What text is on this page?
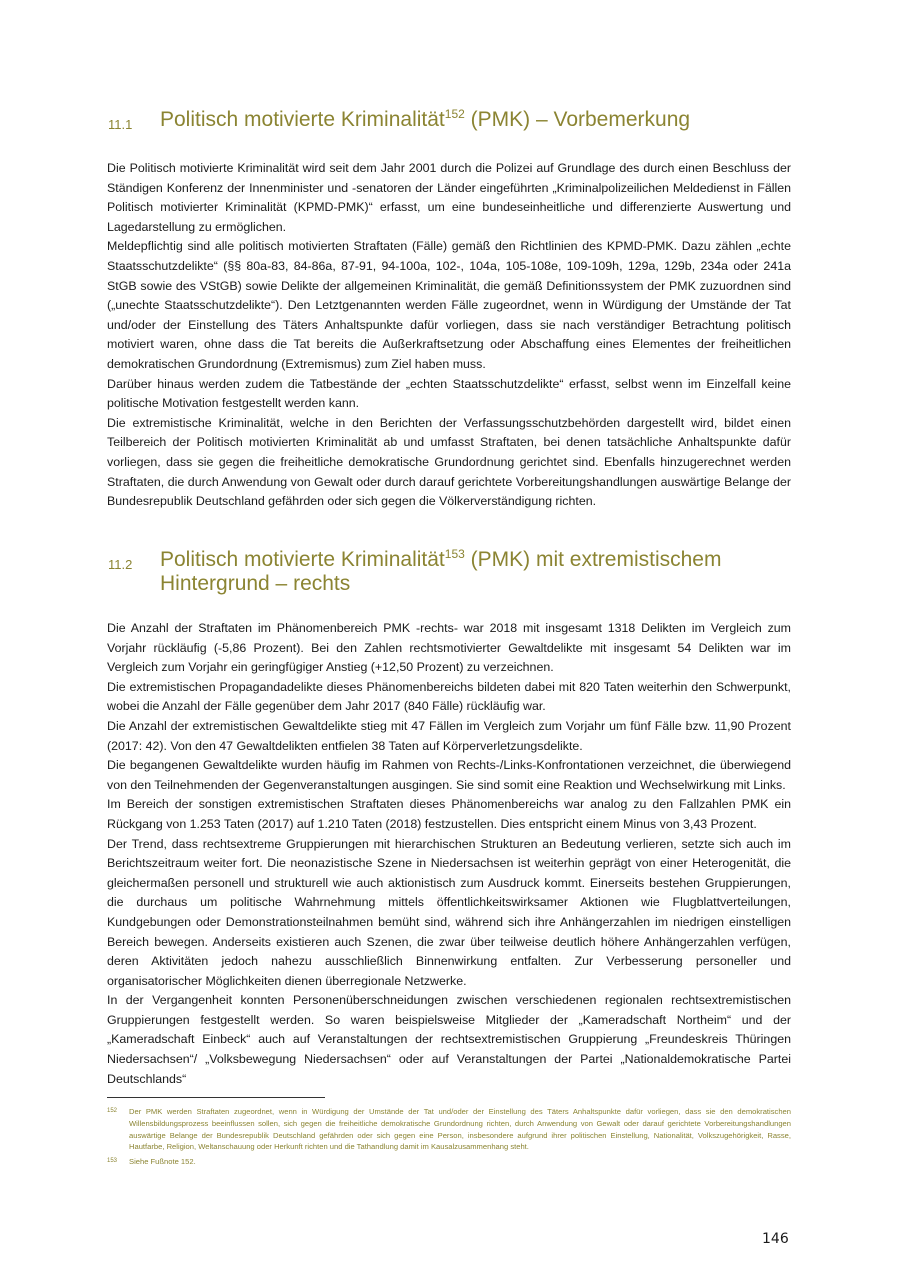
11.1	Politisch motivierte Kriminalität$^{152}$ (PMK) – Vorbemerkung

Die Politisch motivierte Kriminalität wird seit dem Jahr 2001 durch die Polizei auf Grundlage des durch einen Beschluss der Ständigen Konferenz der Innenminister und -senatoren der Länder eingeführten „Kriminalpolizeilichen Meldedienst in Fällen Politisch motivierter Kriminalität (KPMD-PMK)“ erfasst, um eine bundeseinheitliche und differenzierte Auswertung und Lagedarstellung zu ermöglichen.

Meldepflichtig sind alle politisch motivierten Straftaten (Fälle) gemäß den Richtlinien des KPMD-PMK. Dazu zählen „echte Staatsschutzdelikte“ (§§ 80a-83, 84-86a, 87-91, 94-100a, 102-, 104a, 105-108e, 109-109h, 129a, 129b, 234a oder 241a StGB sowie des VStGB) sowie Delikte der allgemeinen Kriminalität, die gemäß Definitionssystem der PMK zuzuordnen sind („unechte Staatsschutzdelikte“). Den Letztgenannten werden Fälle zugeordnet, wenn in Würdigung der Umstände der Tat und/oder der Einstellung des Täters Anhaltspunkte dafür vorliegen, dass sie nach verständiger Betrachtung politisch motiviert waren, ohne dass die Tat bereits die Außerkraftsetzung oder Abschaffung eines Elementes der freiheitlichen demokratischen Grundordnung (Extremismus) zum Ziel haben muss.

Darüber hinaus werden zudem die Tatbestände der „echten Staatsschutzdelikte“ erfasst, selbst wenn im Einzelfall keine politische Motivation festgestellt werden kann.

Die extremistische Kriminalität, welche in den Berichten der Verfassungsschutzbehörden dargestellt wird, bildet einen Teilbereich der Politisch motivierten Kriminalität ab und umfasst Straftaten, bei denen tatsächliche Anhaltspunkte dafür vorliegen, dass sie gegen die freiheitliche demokratische Grundordnung gerichtet sind. Ebenfalls hinzugerechnet werden Straftaten, die durch Anwendung von Gewalt oder durch darauf gerichtete Vorbereitungshandlungen auswärtige Belange der Bundesrepublik Deutschland gefährden oder sich gegen die Völkerverständigung richten.

11.2	Politisch motivierte Kriminalität$^{153}$ (PMK) mit extremistischem Hintergrund – rechts

Die Anzahl der Straftaten im Phänomenbereich PMK -rechts- war 2018 mit insgesamt 1318 Delikten im Vergleich zum Vorjahr rückläufig (-5,86 Prozent). Bei den Zahlen rechtsmotivierter Gewaltdelikte mit insgesamt 54 Delikten war im Vergleich zum Vorjahr ein geringfügiger Anstieg (+12,50 Prozent) zu verzeichnen.

Die extremistischen Propagandadelikte dieses Phänomenbereichs bildeten dabei mit 820 Taten weiterhin den Schwerpunkt, wobei die Anzahl der Fälle gegenüber dem Jahr 2017 (840 Fälle) rückläufig war.

Die Anzahl der extremistischen Gewaltdelikte stieg mit 47 Fällen im Vergleich zum Vorjahr um fünf Fälle bzw. 11,90 Prozent (2017: 42). Von den 47 Gewaltdelikten entfielen 38 Taten auf Körperverletzungsdelikte.

Die begangenen Gewaltdelikte wurden häufig im Rahmen von Rechts-/Links-Konfrontationen verzeichnet, die überwiegend von den Teilnehmenden der Gegenveranstaltungen ausgingen. Sie sind somit eine Reaktion und Wechselwirkung mit Links.

Im Bereich der sonstigen extremistischen Straftaten dieses Phänomenbereichs war analog zu den Fallzahlen PMK ein Rückgang von 1.253 Taten (2017) auf 1.210 Taten (2018) festzustellen. Dies entspricht einem Minus von 3,43 Prozent.

Der Trend, dass rechtsextreme Gruppierungen mit hierarchischen Strukturen an Bedeutung verlieren, setzte sich auch im Berichtszeitraum weiter fort. Die neonazistische Szene in Niedersachsen ist weiterhin geprägt von einer Heterogenität, die gleichermaßen personell und strukturell wie auch aktionistisch zum Ausdruck kommt. Einerseits bestehen Gruppierungen, die durchaus um politische Wahrnehmung mittels öffentlichkeitswirksamer Aktionen wie Flugblattverteilungen, Kundgebungen oder Demonstrationsteilnahmen bemüht sind, während sich ihre Anhängerzahlen im niedrigen einstelligen Bereich bewegen. Anderseits existieren auch Szenen, die zwar über teilweise deutlich höhere Anhängerzahlen verfügen, deren Aktivitäten jedoch nahezu ausschließlich Binnenwirkung entfalten. Zur Verbesserung personeller und organisatorischer Möglichkeiten dienen überregionale Netzwerke.

In der Vergangenheit konnten Personenüberschneidungen zwischen verschiedenen regionalen rechtsextremistischen Gruppierungen festgestellt werden. So waren beispielsweise Mitglieder der „Kameradschaft Northeim“ und der „Kameradschaft Einbeck“ auch auf Veranstaltungen der rechtsextremistischen Gruppierung „Freundeskreis Thüringen Niedersachsen“/ „Volksbewegung Niedersachsen“ oder auf Veranstaltungen der Partei „Nationaldemokratische Partei Deutschlands“

152	Der PMK werden Straftaten zugeordnet, wenn in Würdigung der Umstände der Tat und/oder der Einstellung des Täters Anhaltspunkte dafür vorliegen, dass sie den demokratischen Willensbildungsprozess beeinflussen sollen, sich gegen die freiheitliche demokratische Grundordnung richten, durch Anwendung von Gewalt oder darauf gerichtete Vorbereitungshandlungen auswärtige Belange der Bundesrepublik Deutschland gefährden oder sich gegen eine Person, insbesondere aufgrund ihrer politischen Einstellung, Nationalität, Volkszugehörigkeit, Rasse, Hautfarbe, Religion, Weltanschauung oder Herkunft richten und die Tathandlung damit im Kausalzusammenhang steht.
153	Siehe Fußnote 152.
146
